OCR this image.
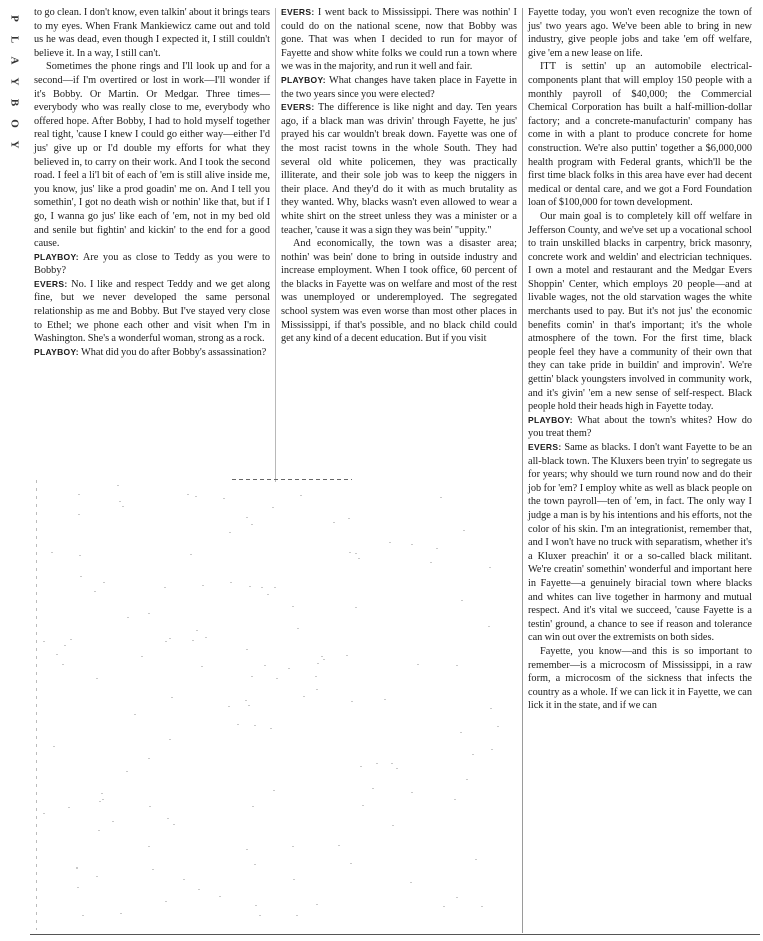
P
L
A
Y
B
O
Y

to go clean. I don't know, even talkin' about it brings tears to my eyes. When Frank Mankiewicz came out and told us he was dead, even though I expected it, I still couldn't believe it. In a way, I still can't.

Sometimes the phone rings and I'll look up and for a second—if I'm overtired or lost in work—I'll wonder if it's Bobby. Or Martin. Or Medgar. Three times—everybody who was really close to me, everybody who offered hope. After Bobby, I had to hold myself together real tight, 'cause I knew I could go either way—either I'd jus' give up or I'd double my efforts for what they believed in, to carry on their work. And I took the second road. I feel a li'l bit of each of 'em is still alive inside me, you know, jus' like a prod goadin' me on. And I tell you somethin', I got no death wish or nothin' like that, but if I go, I wanna go jus' like each of 'em, not in my bed old and senile but fightin' and kickin' to the end for a good cause.

PLAYBOY: Are you as close to Teddy as you were to Bobby?

EVERS: No. I like and respect Teddy and we get along fine, but we never developed the same personal relationship as me and Bobby. But I've stayed very close to Ethel; we phone each other and visit when I'm in Washington. She's a wonderful woman, strong as a rock.

PLAYBOY: What did you do after Bobby's assassination?

EVERS: I went back to Mississippi. There was nothin' I could do on the national scene, now that Bobby was gone. That was when I decided to run for mayor of Fayette and show white folks we could run a town where we was in the majority, and run it well and fair.

PLAYBOY: What changes have taken place in Fayette in the two years since you were elected?

EVERS: The difference is like night and day. Ten years ago, if a black man was drivin' through Fayette, he jus' prayed his car wouldn't break down. Fayette was one of the most racist towns in the whole South. They had several old white policemen, they was practically illiterate, and their sole job was to keep the niggers in their place. And they'd do it with as much brutality as they wanted. Why, blacks wasn't even allowed to wear a white shirt on the street unless they was a minister or a teacher, 'cause it was a sign they was bein' "uppity."

And economically, the town was a disaster area; nothin' was bein' done to bring in outside industry and increase employment. When I took office, 60 percent of the blacks in Fayette was on welfare and most of the rest was unemployed or underemployed. The segregated school system was even worse than most other places in Mississippi, if that's possible, and no black child could get any kind of a decent education. But if you visit

Fayette today, you won't even recognize the town of jus' two years ago. We've been able to bring in new industry, give people jobs and take 'em off welfare, give 'em a new lease on life.

ITT is settin' up an automobile electrical-components plant that will employ 150 people with a monthly payroll of $40,000; the Commercial Chemical Corporation has built a half-million-dollar factory; and a concrete-manufacturin' company has come in with a plant to produce concrete for home construction. We're also puttin' together a $6,000,000 health program with Federal grants, which'll be the first time black folks in this area have ever had decent medical or dental care, and we got a Ford Foundation loan of $100,000 for town development.

Our main goal is to completely kill off welfare in Jefferson County, and we've set up a vocational school to train unskilled blacks in carpentry, brick masonry, concrete work and weldin' and electrician techniques. I own a motel and restaurant and the Medgar Evers Shoppin' Center, which employs 20 people—and at livable wages, not the old starvation wages the white merchants used to pay. But it's not jus' the economic benefits comin' in that's important; it's the whole atmosphere of the town. For the first time, black people feel they have a community of their own that they can take pride in buildin' and improvin'. We're gettin' black youngsters involved in community work, and it's givin' 'em a new sense of self-respect. Black people hold their heads high in Fayette today.

PLAYBOY: What about the town's whites? How do you treat them?

EVERS: Same as blacks. I don't want Fayette to be an all-black town. The Kluxers been tryin' to segregate us for years; why should we turn round now and do their job for 'em? I employ white as well as black people on the town payroll—ten of 'em, in fact. The only way I judge a man is by his intentions and his efforts, not the color of his skin. I'm an integrationist, remember that, and I won't have no truck with separatism, whether it's a Kluxer preachin' it or a so-called black militant. We're creatin' somethin' wonderful and important here in Fayette—a genuinely biracial town where blacks and whites can live together in harmony and mutual respect. And it's vital we succeed, 'cause Fayette is a testin' ground, a chance to see if reason and tolerance can win out over the extremists on both sides.

Fayette, you know—and this is so important to remember—is a microcosm of Mississippi, in a raw form, a microcosm of the sickness that infects the country as a whole. If we can lick it in Fayette, we can lick it in the state, and if we can
